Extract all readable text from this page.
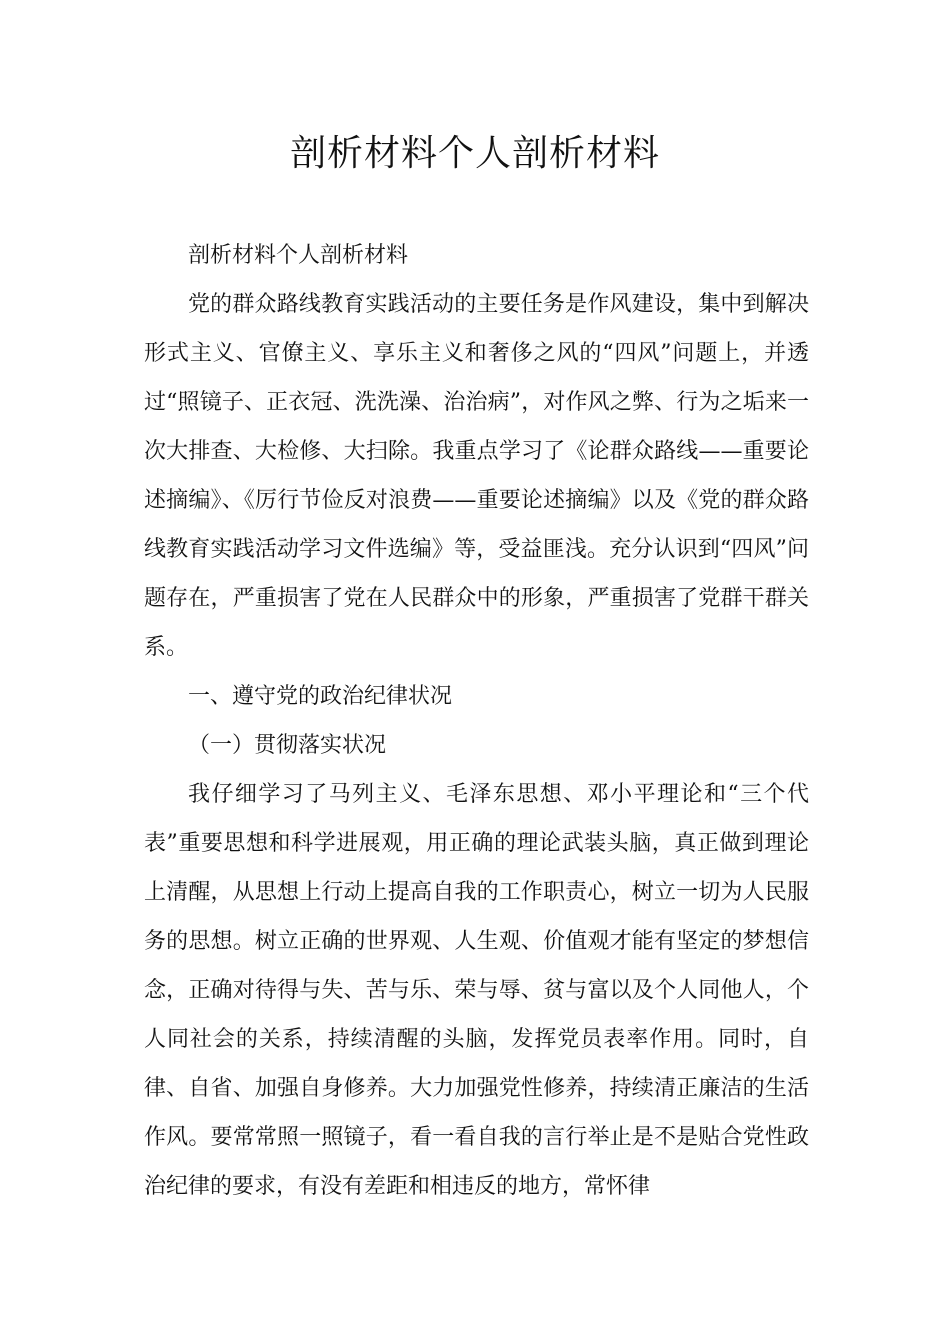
剖析材料个人剖析材料

剖析材料个人剖析材料

党的群众路线教育实践活动的主要任务是作风建设，集中到解决形式主义、官僚主义、享乐主义和奢侈之风的“四风”问题上，并透过“照镜子、正衣冠、洗洗澡、治治病”，对作风之弊、行为之垢来一次大排查、大检修、大扫除。我重点学习了《论群众路线——重要论述摘编》、《厉行节俭反对浪费——重要论述摘编》以及《党的群众路线教育实践活动学习文件选编》等，受益匪浅。充分认识到“四风”问题存在，严重损害了党在人民群众中的形象，严重损害了党群干群关系。

一、遵守党的政治纪律状况

（一）贯彻落实状况

我仔细学习了马列主义、毛泽东思想、邓小平理论和“三个代表”重要思想和科学进展观，用正确的理论武装头脑，真正做到理论上清醒，从思想上行动上提高自我的工作职责心，树立一切为人民服务的思想。树立正确的世界观、人生观、价值观才能有坚定的梦想信念，正确对待得与失、苦与乐、荣与辱、贫与富以及个人同他人，个人同社会的关系，持续清醒的头脑，发挥党员表率作用。同时，自律、自省、加强自身修养。大力加强党性修养，持续清正廉洁的生活作风。要常常照一照镜子，看一看自我的言行举止是不是贴合党性政治纪律的要求，有没有差距和相违反的地方，常怀律
